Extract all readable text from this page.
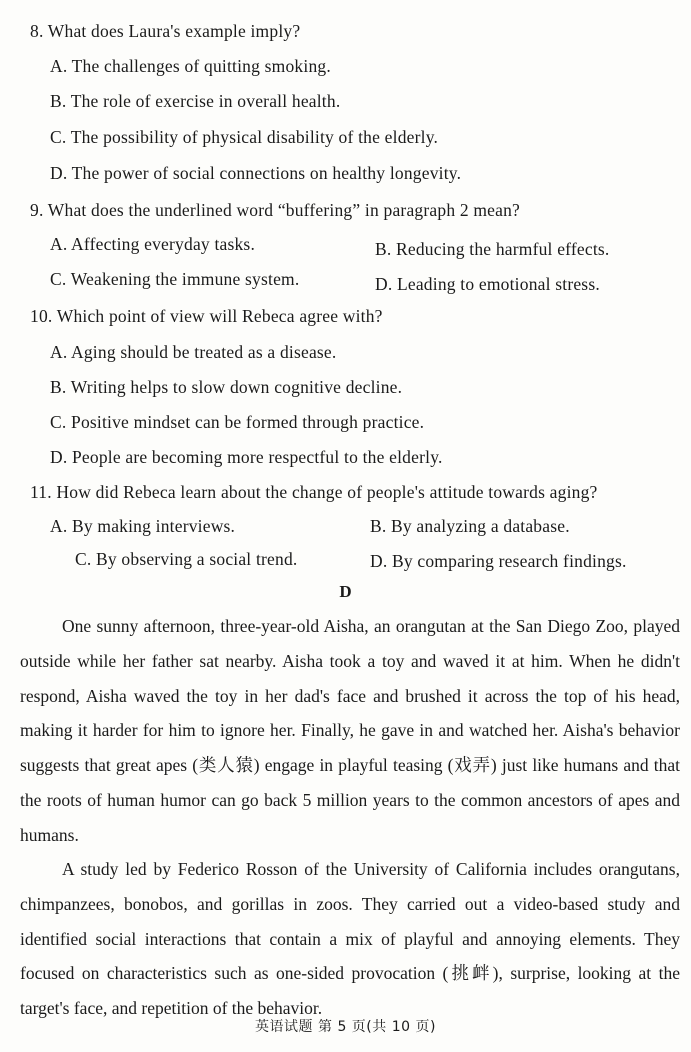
8. What does Laura's example imply?
A. The challenges of quitting smoking.
B. The role of exercise in overall health.
C. The possibility of physical disability of the elderly.
D. The power of social connections on healthy longevity.
9. What does the underlined word “buffering” in paragraph 2 mean?
A. Affecting everyday tasks.	B. Reducing the harmful effects.
C. Weakening the immune system.	D. Leading to emotional stress.
10. Which point of view will Rebeca agree with?
A. Aging should be treated as a disease.
B. Writing helps to slow down cognitive decline.
C. Positive mindset can be formed through practice.
D. People are becoming more respectful to the elderly.
11. How did Rebeca learn about the change of people's attitude towards aging?
A. By making interviews.	B. By analyzing a database.
C. By observing a social trend.	D. By comparing research findings.
D
One sunny afternoon, three-year-old Aisha, an orangutan at the San Diego Zoo, played outside while her father sat nearby. Aisha took a toy and waved it at him. When he didn't respond, Aisha waved the toy in her dad's face and brushed it across the top of his head, making it harder for him to ignore her. Finally, he gave in and watched her. Aisha's behavior suggests that great apes (类人猿) engage in playful teasing (戏弄) just like humans and that the roots of human humor can go back 5 million years to the common ancestors of apes and humans.
A study led by Federico Rosson of the University of California includes orangutans, chimpanzees, bonobos, and gorillas in zoos. They carried out a video-based study and identified social interactions that contain a mix of playful and annoying elements. They focused on characteristics such as one-sided provocation (挑衅), surprise, looking at the target's face, and repetition of the behavior.
英语试题 第 5 页(共 10 页)
